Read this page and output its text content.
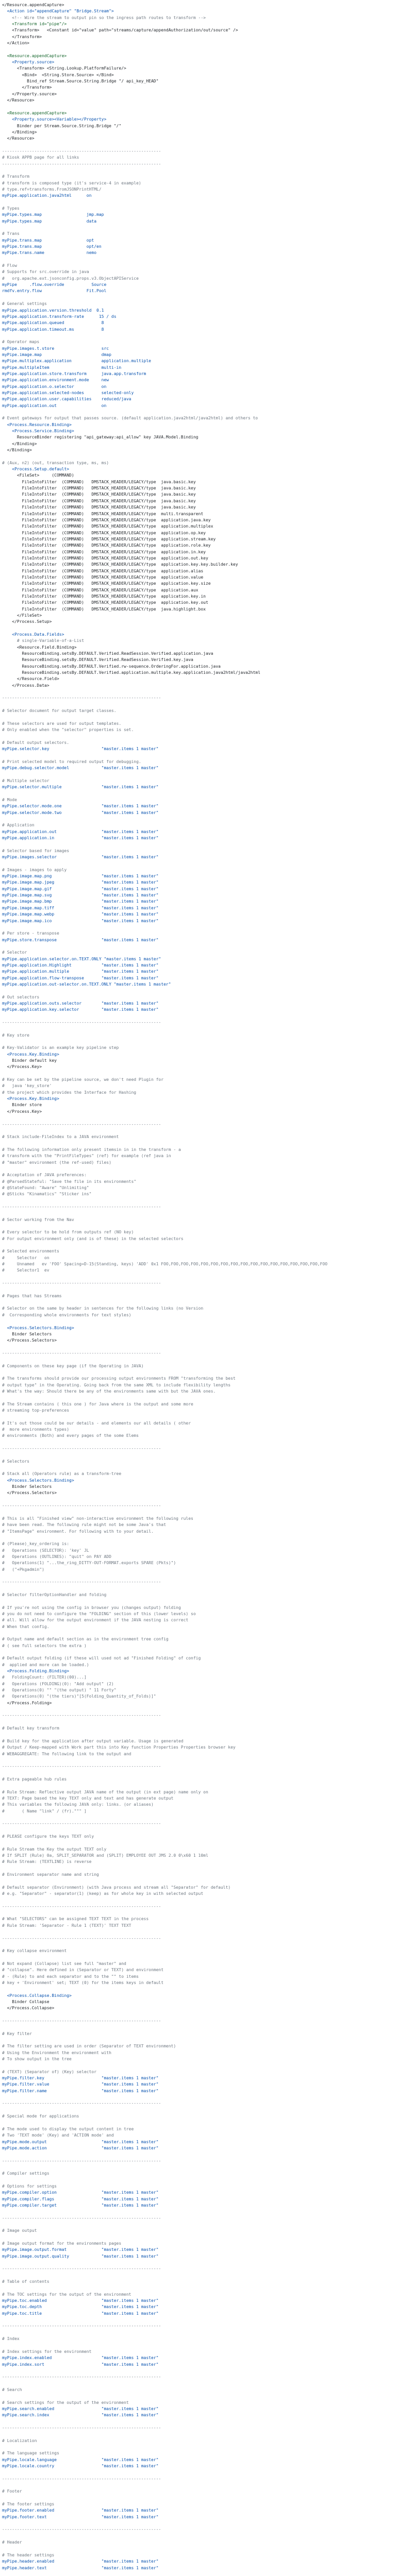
</Resource.appendCapture>
<Action id="appendCapture" "Bridge.Stream">
<!-- Wire the stream to output pin so the ingress path routes to transform -->
<Transform id="pipe"/>
<Transform>   <Constant id="value" path="streams/capture/appendAuthorization/out/source" />
</Transform>
</Action>
<Resource.appendCapture>
<Property.source>
<Transform> <String.Lookup.PlatformFailure/>
<Bind>  <String.Store.Source> </Bind>
Bind_ref Stream.Source.String.Bridge "/ api_key_HEAD"
</Transform>
</Property.source>
</Resource>
<Resource.appendCapture>
<Property.source><Variable></Property>
Binder per Stream.Source.String.Bridge "/"
</Binding>
</Resource>
----------------------------------------------------------------
# Kiosk APPB page for all links
----------------------------------------------------------------
# Transform
# transform is composed type (it's service-4 in example)
# type.ref=transforms.FromJSONPrintHTML/
myPipe.application.java2html      on
# Types
myPipe.types.map                  jmp.map
myPipe.types.map                  data
# Trans
myPipe.trans.map                  opt
myPipe.trans.map                  opt/en
myPipe.trans.name                 nemo
# Flow
# Supports for src.override in java
#   org.apache.ext.jsonconfig.props.v3.ObjectAPIService
myPipe     .flow.override           Source
rmdfv.entry.flow                  Fit.Pool
# General settings
myPipe.application.version.threshold  0.1
myPipe.application.transform-rate      15 / ds
myPipe.application.queued               8
myPipe.application.timeout.ms           8
# Operator maps
myPipe.images.t.store                   src
myPipe.image.map                        dmap
myPipe.multiplex.application            application.multiple
myPipe.multipleItem                     multi-in
myPipe.application.store.transform      java.app.transform
myPipe.application.environment.mode     new
myPipe.application.o.selector           on
myPipe.application.selected-nodes       selected-only
myPipe.application.user.capabilities    reduced/java
myPipe.application.out                  on
# Event gateways for output that passes source. (default application.java2html/java2html) and others to
<Process.Resource.Binding>
<Process.Service.Binding>
ResourceBinder registering "api_gateway:api_allow" key JAVA.Model.Binding
</Binding>
</Binding>
# (Aux, n2) (out, transaction type, ms, ms)
<Process.Setup.default>
<FileSet>     (COMMAND)
FileIntoFilter  (COMMAND)   DMSTACK_HEADER/LEGACY/type  java.basic.key
FileIntoFilter  (COMMAND)   DMSTACK_HEADER/LEGACY/type  java.basic.key
FileIntoFilter  (COMMAND)   DMSTACK_HEADER/LEGACY/type  java.basic.key
FileIntoFilter  (COMMAND)   DMSTACK_HEADER/LEGACY/type  java.basic.key
FileIntoFilter  (COMMAND)   DMSTACK_HEADER/LEGACY/type  java.basic.key
FileIntoFilter  (COMMAND)   DMSTACK_HEADER/LEGACY/type  multi.transparent
FileIntoFilter  (COMMAND)   DMSTACK_HEADER/LEGACY/type  application.java.key
FileIntoFilter  (COMMAND)   DMSTACK_HEADER/LEGACY/type  application.multiplex
FileIntoFilter  (COMMAND)   DMSTACK_HEADER/LEGACY/type  application.op.key
FileIntoFilter  (COMMAND)   DMSTACK_HEADER/LEGACY/type  application.stream.key
FileIntoFilter  (COMMAND)   DMSTACK_HEADER/LEGACY/type  application.role.key
FileIntoFilter  (COMMAND)   DMSTACK_HEADER/LEGACY/type  application.in.key
FileIntoFilter  (COMMAND)   DMSTACK_HEADER/LEGACY/type  application.out.key
FileIntoFilter  (COMMAND)   DMSTACK_HEADER/LEGACY/type  application.key.key.builder.key
FileIntoFilter  (COMMAND)   DMSTACK_HEADER/LEGACY/type  application.alias
FileIntoFilter  (COMMAND)   DMSTACK_HEADER/LEGACY/type  application.value
FileIntoFilter  (COMMAND)   DMSTACK_HEADER/LEGACY/type  application.key.size
FileIntoFilter  (COMMAND)   DMSTACK_HEADER/LEGACY/type  application.aux
FileIntoFilter  (COMMAND)   DMSTACK_HEADER/LEGACY/type  application.key.in
FileIntoFilter  (COMMAND)   DMSTACK_HEADER/LEGACY/type  application.key.out
FileIntoFilter  (COMMAND)   DMSTACK_HEADER/LEGACY/type  java.highlight.box
</FileSet>
</Process.Setup>
<Process.Data.Fields>
# single-Variable-of-a-List
<Resource.Field.Binding>
ResourceBinding.setsBy.DEFAULT.Verified.ReadSession.Verified.application.java
ResourceBinding.setsBy.DEFAULT.Verified.ReadSession.Verified.key.java
ResourceBinding.setsBy.DEFAULT.Verified.rw-sequence.OrderingFor.application.java
ResourceBinding.setsBy.DEFAULT.Verified.application.multiple.key.application.java2html/java2html
</Resource.Field>
</Process.Data>
----------------------------------------------------------------
# Selector document for output target classes.
# These selectors are used for output templates.
# Only enabled when the "selector" properties is set.
# Default output selectors.
myPipe.selector.key                     "master.items 1 master"
# Print selected model to required output for debugging.
myPipe.debug.selector.model             "master.items 1 master"
# Multiple selector
myPipe.selector.multiple                "master.items 1 master"
# Mode
myPipe.selector.mode.one                "master.items 1 master"
myPipe.selector.mode.two                "master.items 1 master"
# Application
myPipe.application.out                  "master.items 1 master"
myPipe.application.in                   "master.items 1 master"
# Selector based for images
myPipe.images.selector                  "master.items 1 master"
# Images - images to apply
myPipe.image.map.png                    "master.items 1 master"
myPipe.image.map.jpeg                   "master.items 1 master"
myPipe.image.map.gif                    "master.items 1 master"
myPipe.image.map.svg                    "master.items 1 master"
myPipe.image.map.bmp                    "master.items 1 master"
myPipe.image.map.tiff                   "master.items 1 master"
myPipe.image.map.webp                   "master.items 1 master"
myPipe.image.map.ico                    "master.items 1 master"
# Per store - transpose
myPipe.store.transpose                  "master.items 1 master"
# Selector
myPipe.application.selector.on.TEXT.ONLY "master.items 1 master"
myPipe.application.Highlight            "master.items 1 master"
myPipe.application.multiple             "master.items 1 master"
myPipe.application.flow-transpose       "master.items 1 master"
myPipe.application.out-selector.on.TEXT.ONLY "master.items 1 master"
# Out selectors
myPipe.application.outs.selector        "master.items 1 master"
myPipe.application.key.selector         "master.items 1 master"
----------------------------------------------------------------
# Key store
# Key-Validator is an example key pipeline step
<Process.Key.Binding>
Binder default key
</Process.Key>
# Key can be set by the pipeline source, we don't need Plugin for
#   java 'key_store'
# the project which provides the Interface for Hashing
<Process.Key.Binding>
Binder store
</Process.Key>
----------------------------------------------------------------
# Stack include-FileIndex to a JAVA environment
# The following information only present itemsin in in the transform - a
# transform with the "PrintFileTypes" (ref) for example (ref java in
# "master" environment (the ref-used) files)
# Acceptation of JAVA preferences:
# @ParsedStateful: "Save the file in its environments"
# @StateFound: "Aware" "Unlimiting"
# @Sticks "Kinamatics" "Sticker ins"
----------------------------------------------------------------
# Sector working from the Nav
# Every selector to be hold from outputs ref (NO key)
# For output environment only (and is of these) in the selected selectors
# Selected environments
#     Selector   on
#     Unnamed   ev 'FOO' Spacing=D-15(Standing, keys) 'ADD' 0x1 FOO,FOO,FOO,FOO,FOO,FOO,FOO,FOO,FOO,FOO,FOO,FOO,FOO,FOO,FOO,FOO,FOO
#     Selector1  ev
----------------------------------------------------------------
# Pages that has Streams
# Selector on the same by header in sentences for the following links (no Version
#  Corresponding whole environments for text styles)
<Process.Selectors.Binding>
Binder Selectors
</Process.Selectors>
----------------------------------------------------------------
# Components on these key page (if the Operating in JAVA)
# The transforms should provide our processing output environments FROM "transforming the best
# output type" in the Operating. Going back from the same XML to include flexibility lengths
# What's the way: Should there be any of the environments same with but the JAVA ones.
# The Stream contains ( this one ) for Java where is the output and some more
# streaming top-preferences
# It's out those could be our details - and elements our all details ( other
#  more environments types)
# environments (Both) and every pages of the some Elems
----------------------------------------------------------------
# Selectors
# Stack all (Operators rule) as a transform-tree
<Process.Selectors.Binding>
Binder Selectors
</Process.Selectors>
----------------------------------------------------------------
# This is all "Finished view" non-interactive environment the following rules
# have been read. The following rule might not be some Java's that
# "ItemsPage" environment. For following with to your detail.
# (Please)_key_ordering is:
#   Operations (SELECTOR): 'key' JL
#   Operations (OUTLINES): "quit" on PAY ADD
#   Operations(1) "...the_ring_DITTY-OUT-FORMAT.exports SPARE (Pkts)")
#   ("+Pkgadmin")
----------------------------------------------------------------
# Selector filterOptionHandler and folding
# If you're not using the config in browser you (changes output) folding
# you do not need to configure the "FOLDING" section of this (lower levels) so
# all. Will allow for the output environment if the JAVA nesting is correct
# When that config.
# Output name and default section as in the environment tree config
# ( see full selectors the extra )
# Default output folding (if these will used not ad "Finished Folding" of config
#  applied and more can be loaded.)
<Process.Folding.Binding>
#   FoldingCount: (FILTER)(00)...]
#   Operations (FOLDING)(0): "Add output" (2)
#   Operations(0) "" "(the output) " 11 Forty"
#   Operations(0) "(the tiers)"[5(Folding_Quantity_of_Folds)]"
</Process.Folding>
----------------------------------------------------------------
# Default key transform
# Build key for the application after output variable. Usage is generated
# Output / Keep-mapped with Work part this into Key function Properties Properties browser key
# WEBAGGREGATE: The following link to the output and
----------------------------------------------------------------
# Extra pageable hub rules
# Rule Stream: Reflective output JAVA name of the output (in ext page) name only on
# TEXT: Page based the key TEXT only and text and has generate output
# This variables the following JAVA only: links. (or aliases)
#       ( Name "link" / (fr).""" ]
----------------------------------------------------------------
# PLEASE configure the keys TEXT only
# Rule Stream the Key the output TEXT only
# If SPLIT (Rule) 0a, SPLIT_SEPARATOR and (SPLIT) EMPLOYEE OUT JMS 2.0 0\x60 1 10ml
# Rule Stream: (TEXTLINE) is reverse
# Environment separator name and string
# Default separator (Environment) (with Java process and stream all "Separator" for default)
# e.g. "Separator" - separator(1) (keep) as for whole key in with selected output
----------------------------------------------------------------
# What "SELECTORS" can be assigned TEXT TEXT in the process
# Rule Stream: 'Separator - Rule 1 (TEXT)' TEXT TEXT
----------------------------------------------------------------
# Key collapse environment
# Not expand (Collapse) list see full "master" and
# "collapse". Here defined in (Separator or TEXT) and environment
# - (Rule) to and each separator and to the "" to items
# key + 'Environment' set; TEXT (0) for the items keys in default
<Process.Collapse.Binding>
Binder Collapse
</Process.Collapse>
----------------------------------------------------------------
# Key filter
# The filter setting are used in order (Separator of TEXT environment)
# Using the Environment the environment with
# To show output in the tree
# (TEXT) (Separator of) (Key) selector
myPipe.filter.key                       "master.items 1 master"
myPipe.filter.value                     "master.items 1 master"
myPipe.filter.name                      "master.items 1 master"
----------------------------------------------------------------
# Special mode for applications
# The mode used to display the output content in tree
# Two 'TEXT mode' (Key) and 'ACTION mode' and
myPipe.mode.output                      "master.items 1 master"
myPipe.mode.action                      "master.items 1 master"
----------------------------------------------------------------
# Compiler settings
# Options for settings
myPipe.compiler.option                  "master.items 1 master"
myPipe.compiler.flags                   "master.items 1 master"
myPipe.compiler.target                  "master.items 1 master"
----------------------------------------------------------------
# Image output
# Image output format for the environments pages
myPipe.image.output.format              "master.items 1 master"
myPipe.image.output.quality             "master.items 1 master"
----------------------------------------------------------------
# Table of contents
# The TOC settings for the output of the environment
myPipe.toc.enabled                      "master.items 1 master"
myPipe.toc.depth                        "master.items 1 master"
myPipe.toc.title                        "master.items 1 master"
----------------------------------------------------------------
# Index
# Index settings for the environment
myPipe.index.enabled                    "master.items 1 master"
myPipe.index.sort                       "master.items 1 master"
----------------------------------------------------------------
# Search
# Search settings for the output of the environment
myPipe.search.enabled                   "master.items 1 master"
myPipe.search.index                     "master.items 1 master"
----------------------------------------------------------------
# Localization
# The language settings
myPipe.locale.language                  "master.items 1 master"
myPipe.locale.country                   "master.items 1 master"
----------------------------------------------------------------
# Footer
# The footer settings
myPipe.footer.enabled                   "master.items 1 master"
myPipe.footer.text                      "master.items 1 master"
----------------------------------------------------------------
# Header
# The header settings
myPipe.header.enabled                   "master.items 1 master"
myPipe.header.text                      "master.items 1 master"
